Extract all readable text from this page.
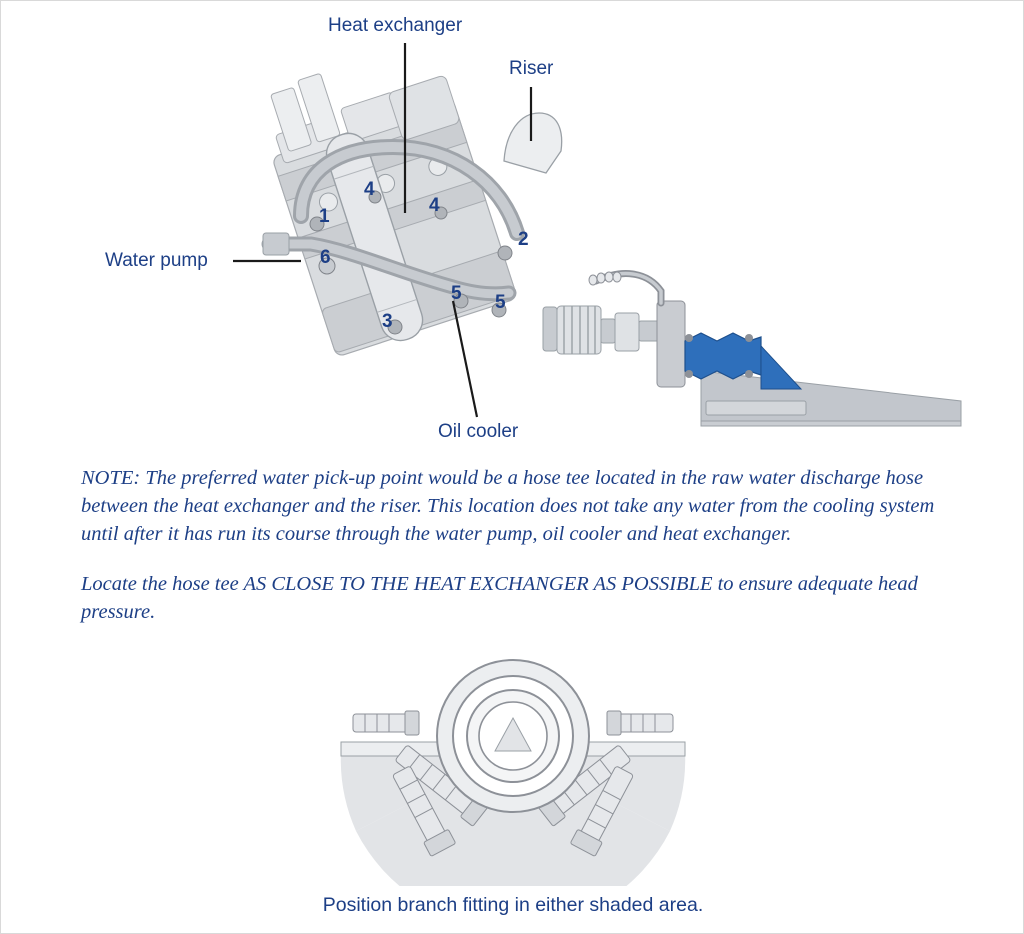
Heat exchanger
Riser
Water pump
Oil cooler
1
2
3
4
4
5 5
6

NOTE: The preferred water pick-up point would be a hose tee located in the raw water discharge hose between the heat exchanger and the riser. This location does not take any water from the cooling system until after it has run its course through the water pump, oil cooler and heat exchanger.

Locate the hose tee AS CLOSE TO THE HEAT EXCHANGER AS POSSIBLE to ensure adequate head pressure.

Position branch fitting in either shaded area.
